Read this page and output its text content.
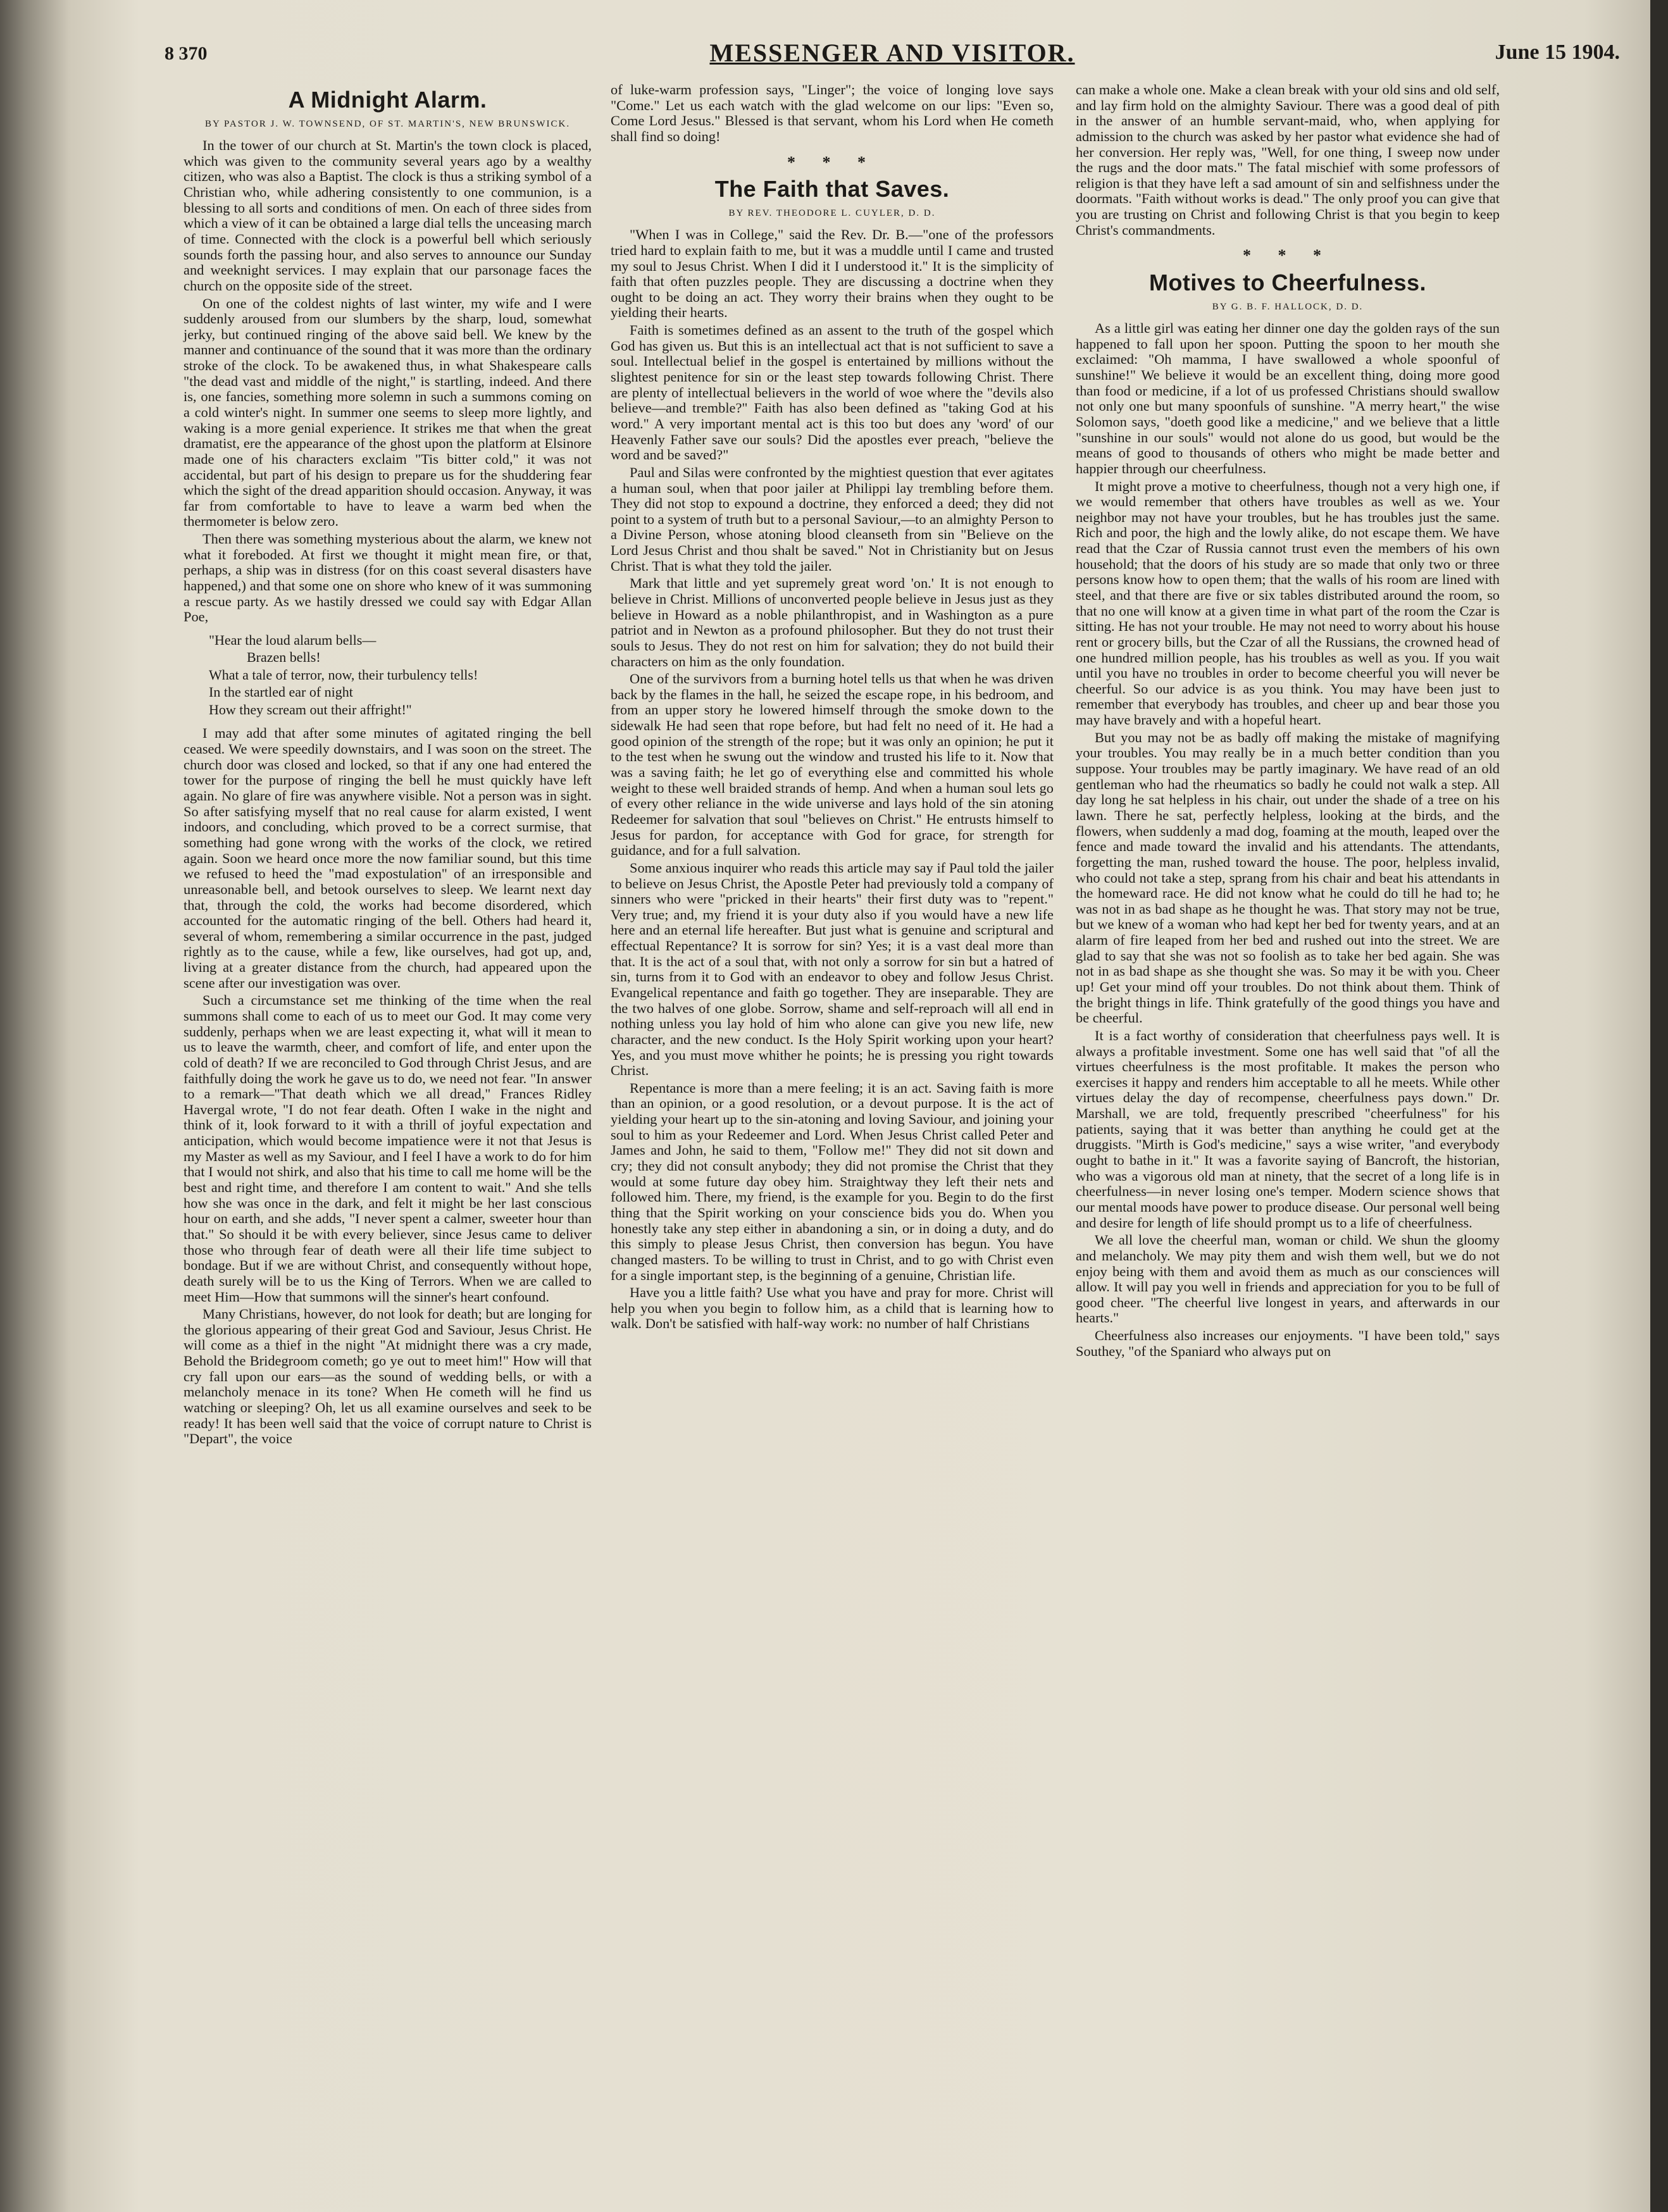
8 370	MESSENGER AND VISITOR.	June 15 1904.
A Midnight Alarm.
BY PASTOR J. W. TOWNSEND, OF ST. MARTIN'S, NEW BRUNSWICK.

In the tower of our church at St. Martin's the town clock is placed, which was given to the community several years ago by a wealthy citizen, who was also a Baptist. The clock is thus a striking symbol of a Christian who, while adhering consistently to one communion, is a blessing to all sorts and conditions of men. On each of three sides from which a view of it can be obtained a large dial tells the unceasing march of time. Connected with the clock is a powerful bell which seriously sounds forth the passing hour, and also serves to announce our Sunday and weeknight services. I may explain that our parsonage faces the church on the opposite side of the street.

On one of the coldest nights of last winter, my wife and I were suddenly aroused from our slumbers by the sharp, loud, somewhat jerky, but continued ringing of the above said bell. We knew by the manner and continuance of the sound that it was more than the ordinary stroke of the clock. To be awakened thus, in what Shakespeare calls "the dead vast and middle of the night," is startling, indeed. And there is, one fancies, something more solemn in such a summons coming on a cold winter's night. In summer one seems to sleep more lightly, and waking is a more genial experience. It strikes me that when the great dramatist, ere the appearance of the ghost upon the platform at Elsinore made one of his characters exclaim "Tis bitter cold," it was not accidental, but part of his design to prepare us for the shuddering fear which the sight of the dread apparition should occasion. Anyway, it was far from comfortable to have to leave a warm bed when the thermometer is below zero.

Then there was something mysterious about the alarm, we knew not what it foreboded. At first we thought it might mean fire, or that, perhaps, a ship was in distress (for on this coast several disasters have happened,) and that some one on shore who knew of it was summoning a rescue party. As we hastily dressed we could say with Edgar Allan Poe,

"Hear the loud alarum bells—
Brazen bells!
What a tale of terror, now, their turbulency tells!
In the startled ear of night
How they scream out their affright!"

I may add that after some minutes of agitated ringing the bell ceased. We were speedily downstairs, and I was soon on the street. The church door was closed and locked, so that if any one had entered the tower for the purpose of ringing the bell he must quickly have left again. No glare of fire was anywhere visible. Not a person was in sight. So after satisfying myself that no real cause for alarm existed, I went indoors, and concluding, which proved to be a correct surmise, that something had gone wrong with the works of the clock, we retired again. Soon we heard once more the now familiar sound, but this time we refused to heed the "mad expostulation" of an irresponsible and unreasonable bell, and betook ourselves to sleep. We learnt next day that, through the cold, the works had become disordered, which accounted for the automatic ringing of the bell. Others had heard it, several of whom, remembering a similar occurrence in the past, judged rightly as to the cause, while a few, like ourselves, had got up, and, living at a greater distance from the church, had appeared upon the scene after our investigation was over.

Such a circumstance set me thinking of the time when the real summons shall come to each of us to meet our God. It may come very suddenly, perhaps when we are least expecting it, what will it mean to us to leave the warmth, cheer, and comfort of life, and enter upon the cold of death? If we are reconciled to God through Christ Jesus, and are faithfully doing the work he gave us to do, we need not fear. "In answer to a remark—"That death which we all dread," Frances Ridley Havergal wrote, "I do not fear death. Often I wake in the night and think of it, look forward to it with a thrill of joyful expectation and anticipation, which would become impatience were it not that Jesus is my Master as well as my Saviour, and I feel I have a work to do for him that I would not shirk, and also that his time to call me home will be the best and right time, and therefore I am content to wait." And she tells how she was once in the dark, and felt it might be her last conscious hour on earth, and she adds, "I never spent a calmer, sweeter hour than that." So should it be with every believer, since Jesus came to deliver those who through fear of death were all their life time subject to bondage. But if we are without Christ, and consequently without hope, death surely will be to us the King of Terrors. When we are called to meet Him—How that summons will the sinner's heart confound.

Many Christians, however, do not look for death; but are longing for the glorious appearing of their great God and Saviour, Jesus Christ. He will come as a thief in the night "At midnight there was a cry made, Behold the Bridegroom cometh; go ye out to meet him!" How will that cry fall upon our ears—as the sound of wedding bells, or with a melancholy menace in its tone? When He cometh will he find us watching or sleeping? Oh, let us all examine ourselves and seek to be ready! It has been well said that the voice of corrupt nature to Christ is "Depart", the voice

of luke-warm profession says, "Linger"; the voice of longing love says "Come." Let us each watch with the glad welcome on our lips: "Even so, Come Lord Jesus." Blessed is that servant, whom his Lord when He cometh shall find so doing!

* * *
The Faith that Saves.
BY REV. THEODORE L. CUYLER, D. D.

"When I was in College," said the Rev. Dr. B.—"one of the professors tried hard to explain faith to me, but it was a muddle until I came and trusted my soul to Jesus Christ. When I did it I understood it." It is the simplicity of faith that often puzzles people. They are discussing a doctrine when they ought to be doing an act. They worry their brains when they ought to be yielding their hearts.

Faith is sometimes defined as an assent to the truth of the gospel which God has given us. But this is an intellectual act that is not sufficient to save a soul. Intellectual belief in the gospel is entertained by millions without the slightest penitence for sin or the least step towards following Christ. There are plenty of intellectual believers in the world of woe where the "devils also believe—and tremble?" Faith has also been defined as "taking God at his word." A very important mental act is this too but does any 'word' of our Heavenly Father save our souls? Did the apostles ever preach, "believe the word and be saved?"

Paul and Silas were confronted by the mightiest question that ever agitates a human soul, when that poor jailer at Philippi lay trembling before them. They did not stop to expound a doctrine, they enforced a deed; they did not point to a system of truth but to a personal Saviour,—to an almighty Person to a Divine Person, whose atoning blood cleanseth from sin "Believe on the Lord Jesus Christ and thou shalt be saved." Not in Christianity but on Jesus Christ. That is what they told the jailer.

Mark that little and yet supremely great word 'on.' It is not enough to believe in Christ. Millions of unconverted people believe in Jesus just as they believe in Howard as a noble philanthropist, and in Washington as a pure patriot and in Newton as a profound philosopher. But they do not trust their souls to Jesus. They do not rest on him for salvation; they do not build their characters on him as the only foundation.

One of the survivors from a burning hotel tells us that when he was driven back by the flames in the hall, he seized the escape rope, in his bedroom, and from an upper story he lowered himself through the smoke down to the sidewalk He had seen that rope before, but had felt no need of it. He had a good opinion of the strength of the rope; but it was only an opinion; he put it to the test when he swung out the window and trusted his life to it. Now that was a saving faith; he let go of everything else and committed his whole weight to these well braided strands of hemp. And when a human soul lets go of every other reliance in the wide universe and lays hold of the sin atoning Redeemer for salvation that soul "believes on Christ." He entrusts himself to Jesus for pardon, for acceptance with God for grace, for strength for guidance, and for a full salvation.

Some anxious inquirer who reads this article may say if Paul told the jailer to believe on Jesus Christ, the Apostle Peter had previously told a company of sinners who were "pricked in their hearts" their first duty was to "repent." Very true; and, my friend it is your duty also if you would have a new life here and an eternal life hereafter. But just what is genuine and scriptural and effectual Repentance? It is sorrow for sin? Yes; it is a vast deal more than that. It is the act of a soul that, with not only a sorrow for sin but a hatred of sin, turns from it to God with an endeavor to obey and follow Jesus Christ. Evangelical repentance and faith go together. They are inseparable. They are the two halves of one globe. Sorrow, shame and self-reproach will all end in nothing unless you lay hold of him who alone can give you new life, new character, and the new conduct. Is the Holy Spirit working upon your heart? Yes, and you must move whither he points; he is pressing you right towards Christ.

Repentance is more than a mere feeling; it is an act. Saving faith is more than an opinion, or a good resolution, or a devout purpose. It is the act of yielding your heart up to the sin-atoning and loving Saviour, and joining your soul to him as your Redeemer and Lord. When Jesus Christ called Peter and James and John, he said to them, "Follow me!" They did not sit down and cry; they did not consult anybody; they did not promise the Christ that they would at some future day obey him. Straightway they left their nets and followed him. There, my friend, is the example for you. Begin to do the first thing that the Spirit working on your conscience bids you do. When you honestly take any step either in abandoning a sin, or in doing a duty, and do this simply to please Jesus Christ, then conversion has begun. You have changed masters. To be willing to trust in Christ, and to go with Christ even for a single important step, is the beginning of a genuine, Christian life.

Have you a little faith? Use what you have and pray for more. Christ will help you when you begin to follow him, as a child that is learning how to walk. Don't be satisfied with half-way work: no number of half Christians

can make a whole one. Make a clean break with your old sins and old self, and lay firm hold on the almighty Saviour. There was a good deal of pith in the answer of an humble servant-maid, who, when applying for admission to the church was asked by her pastor what evidence she had of her conversion. Her reply was, "Well, for one thing, I sweep now under the rugs and the door mats." The fatal mischief with some professors of religion is that they have left a sad amount of sin and selfishness under the doormats. "Faith without works is dead." The only proof you can give that you are trusting on Christ and following Christ is that you begin to keep Christ's commandments.

* * *
Motives to Cheerfulness.
BY G. B. F. HALLOCK, D. D.

As a little girl was eating her dinner one day the golden rays of the sun happened to fall upon her spoon. Putting the spoon to her mouth she exclaimed: "Oh mamma, I have swallowed a whole spoonful of sunshine!" We believe it would be an excellent thing, doing more good than food or medicine, if a lot of us professed Christians should swallow not only one but many spoonfuls of sunshine. "A merry heart," the wise Solomon says, "doeth good like a medicine," and we believe that a little "sunshine in our souls" would not alone do us good, but would be the means of good to thousands of others who might be made better and happier through our cheerfulness.

It might prove a motive to cheerfulness, though not a very high one, if we would remember that others have troubles as well as we. Your neighbor may not have your troubles, but he has troubles just the same. Rich and poor, the high and the lowly alike, do not escape them. We have read that the Czar of Russia cannot trust even the members of his own household; that the doors of his study are so made that only two or three persons know how to open them; that the walls of his room are lined with steel, and that there are five or six tables distributed around the room, so that no one will know at a given time in what part of the room the Czar is sitting. He has not your trouble. He may not need to worry about his house rent or grocery bills, but the Czar of all the Russians, the crowned head of one hundred million people, has his troubles as well as you. If you wait until you have no troubles in order to become cheerful you will never be cheerful. So our advice is as you think. You may have been just to remember that everybody has troubles, and cheer up and bear those you may have bravely and with a hopeful heart.

But you may not be as badly off making the mistake of magnifying your troubles. You may really be in a much better condition than you suppose. Your troubles may be partly imaginary. We have read of an old gentleman who had the rheumatics so badly he could not walk a step. All day long he sat helpless in his chair, out under the shade of a tree on his lawn. There he sat, perfectly helpless, looking at the birds, and the flowers, when suddenly a mad dog, foaming at the mouth, leaped over the fence and made toward the invalid and his attendants. The attendants, forgetting the man, rushed toward the house. The poor, helpless invalid, who could not take a step, sprang from his chair and beat his attendants in the homeward race. He did not know what he could do till he had to; he was not in as bad shape as he thought he was. That story may not be true, but we knew of a woman who had kept her bed for twenty years, and at an alarm of fire leaped from her bed and rushed out into the street. We are glad to say that she was not so foolish as to take her bed again. She was not in as bad shape as she thought she was. So may it be with you. Cheer up! Get your mind off your troubles. Do not think about them. Think of the bright things in life. Think gratefully of the good things you have and be cheerful.

It is a fact worthy of consideration that cheerfulness pays well. It is always a profitable investment. Some one has well said that "of all the virtues cheerfulness is the most profitable. It makes the person who exercises it happy and renders him acceptable to all he meets. While other virtues delay the day of recompense, cheerfulness pays down." Dr. Marshall, we are told, frequently prescribed "cheerfulness" for his patients, saying that it was better than anything he could get at the druggists. "Mirth is God's medicine," says a wise writer, "and everybody ought to bathe in it." It was a favorite saying of Bancroft, the historian, who was a vigorous old man at ninety, that the secret of a long life is in cheerfulness—in never losing one's temper. Modern science shows that our mental moods have power to produce disease. Our personal well being and desire for length of life should prompt us to a life of cheerfulness.

We all love the cheerful man, woman or child. We shun the gloomy and melancholy. We may pity them and wish them well, but we do not enjoy being with them and avoid them as much as our consciences will allow. It will pay you well in friends and appreciation for you to be full of good cheer. "The cheerful live longest in years, and afterwards in our hearts."

Cheerfulness also increases our enjoyments. "I have been told," says Southey, "of the Spaniard who always put on
